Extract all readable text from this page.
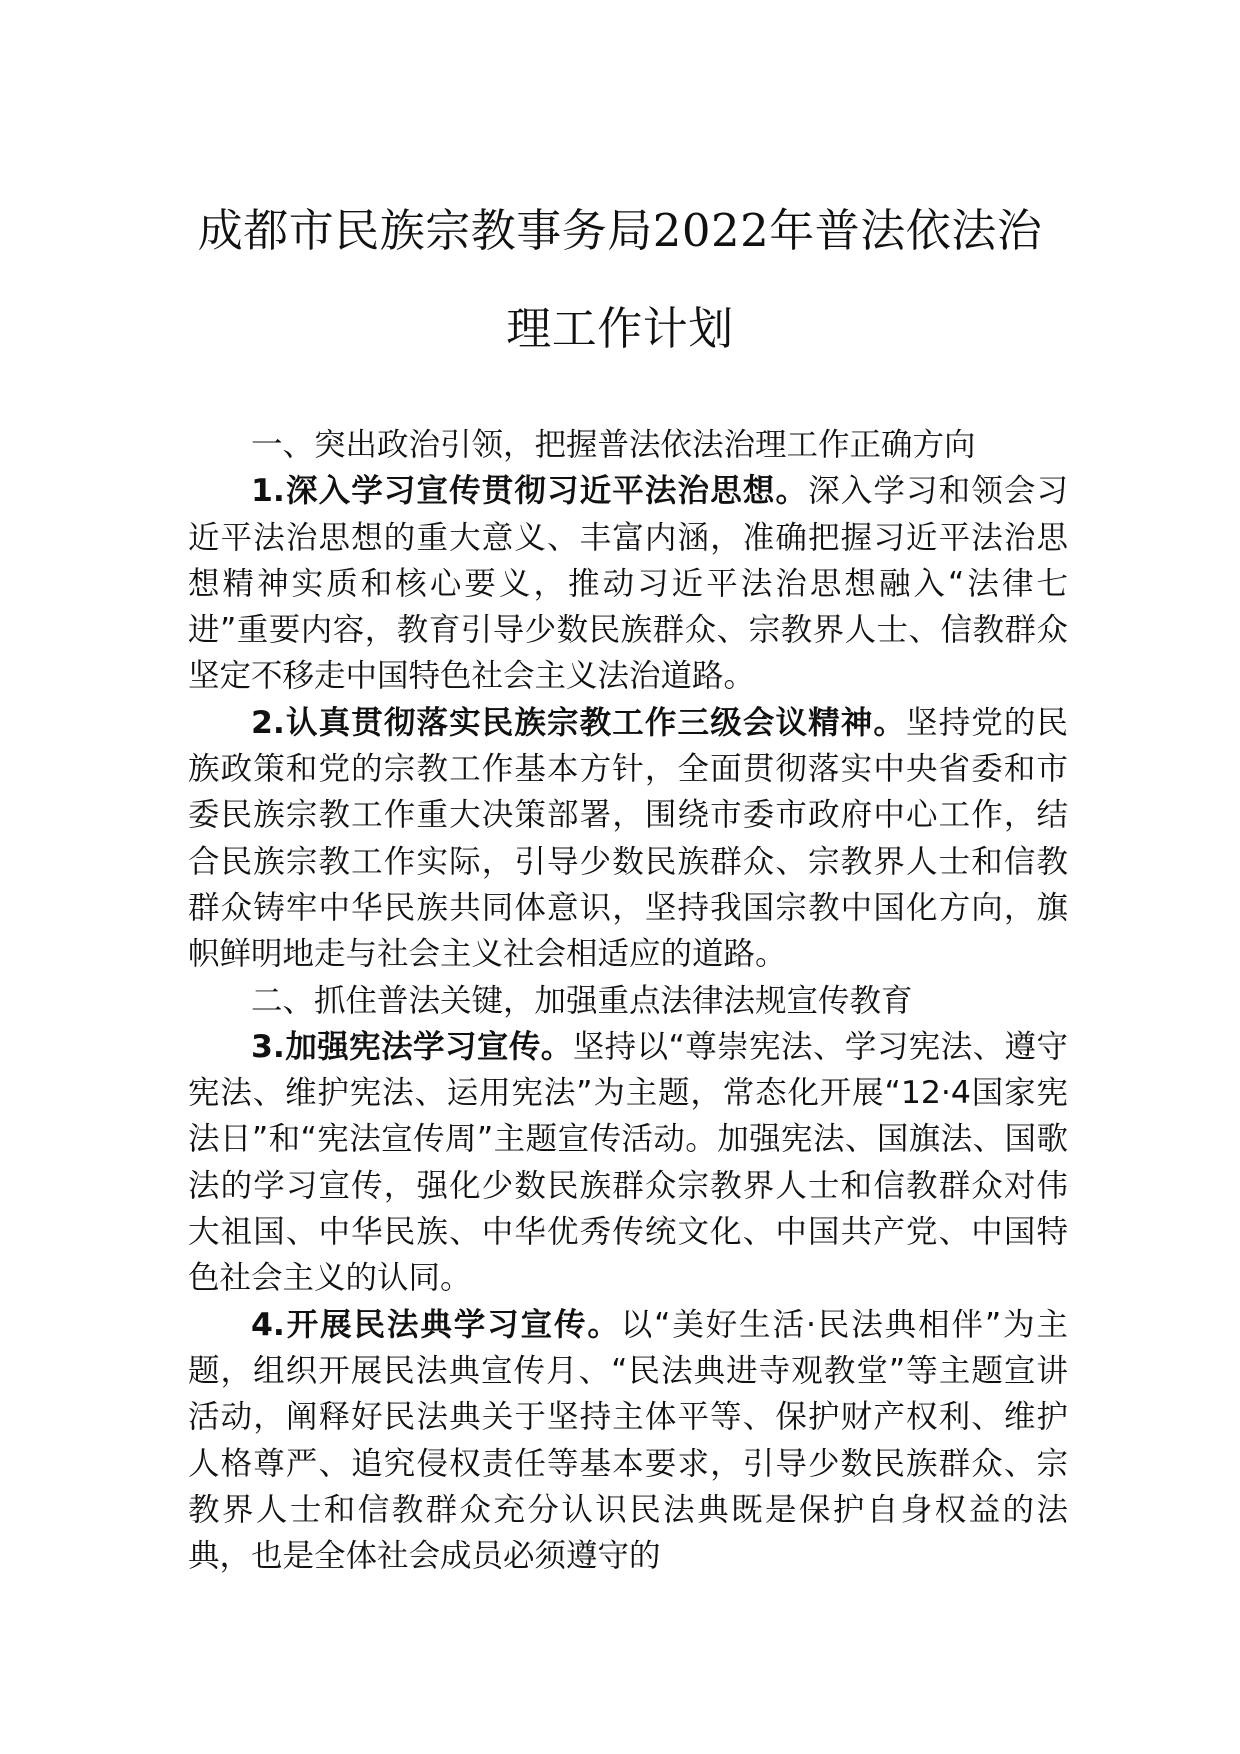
成都市民族宗教事务局2022年普法依法治
理工作计划

一、突出政治引领，把握普法依法治理工作正确方向

1.深入学习宣传贯彻习近平法治思想。深入学习和领会习近平法治思想的重大意义、丰富内涵，准确把握习近平法治思想精神实质和核心要义，推动习近平法治思想融入“法律七进”重要内容，教育引导少数民族群众、宗教界人士、信教群众坚定不移走中国特色社会主义法治道路。

2.认真贯彻落实民族宗教工作三级会议精神。坚持党的民族政策和党的宗教工作基本方针，全面贯彻落实中央省委和市委民族宗教工作重大决策部署，围绕市委市政府中心工作，结合民族宗教工作实际，引导少数民族群众、宗教界人士和信教群众铸牢中华民族共同体意识，坚持我国宗教中国化方向，旗帜鲜明地走与社会主义社会相适应的道路。

二、抓住普法关键，加强重点法律法规宣传教育

3.加强宪法学习宣传。坚持以“尊崇宪法、学习宪法、遵守宪法、维护宪法、运用宪法”为主题，常态化开展“12·4国家宪法日”和“宪法宣传周”主题宣传活动。加强宪法、国旗法、国歌法的学习宣传，强化少数民族群众宗教界人士和信教群众对伟大祖国、中华民族、中华优秀传统文化、中国共产党、中国特色社会主义的认同。

4.开展民法典学习宣传。以“美好生活·民法典相伴”为主题，组织开展民法典宣传月、“民法典进寺观教堂”等主题宣讲活动，阐释好民法典关于坚持主体平等、保护财产权利、维护人格尊严、追究侵权责任等基本要求，引导少数民族群众、宗教界人士和信教群众充分认识民法典既是保护自身权益的法典，也是全体社会成员必须遵守的
